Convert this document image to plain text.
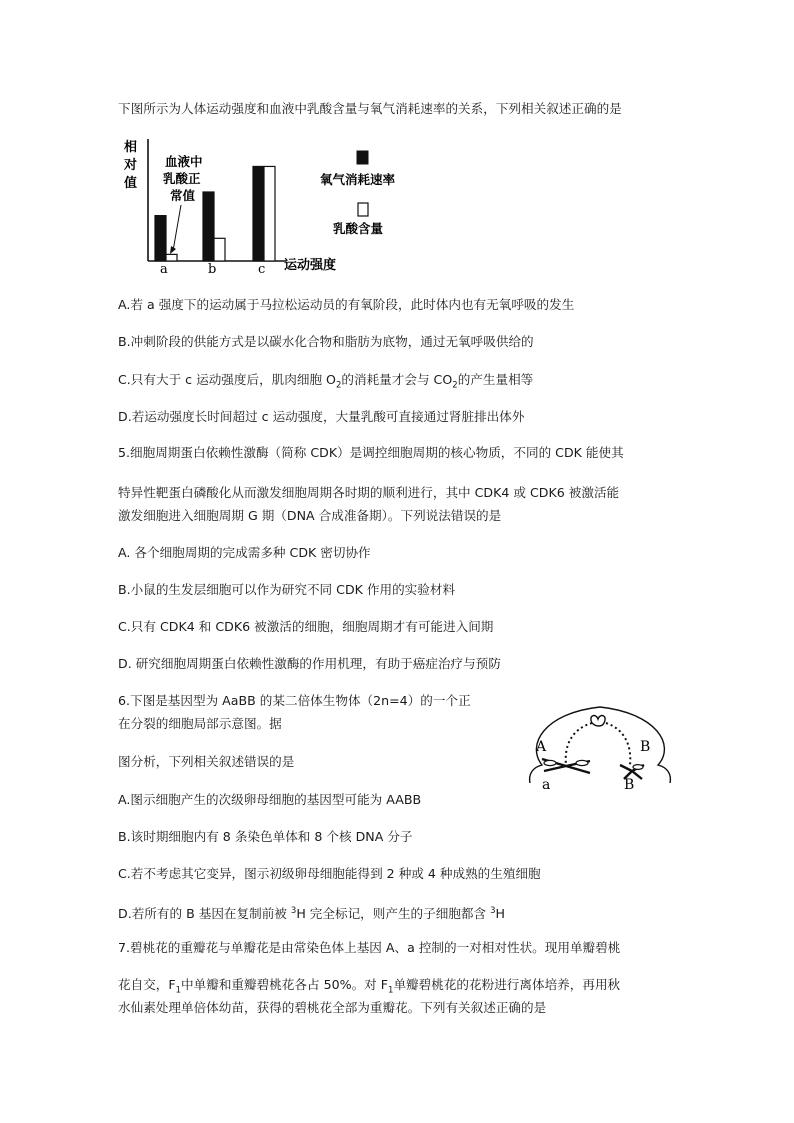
下图所示为人体运动强度和血液中乳酸含量与氧气消耗速率的关系，下列相关叙述正确的是
相
对
值
血液中
乳酸正
常值
a	b	c 运动强度
氧气消耗速率
乳酸含量
A.若 a 强度下的运动属于马拉松运动员的有氧阶段，此时体内也有无氧呼吸的发生
B.冲刺阶段的供能方式是以碳水化合物和脂肪为底物，通过无氧呼吸供给的
C.只有大于 c 运动强度后，肌肉细胞 $O_2$的消耗量才会与 $CO_2$的产生量相等
D.若运动强度长时间超过 c 运动强度，大量乳酸可直接通过肾脏排出体外
5.细胞周期蛋白依赖性激酶（简称 CDK）是调控细胞周期的核心物质，不同的 CDK 能使其
特异性靶蛋白磷酸化从而激发细胞周期各时期的顺利进行，其中 CDK4 或 CDK6 被激活能
激发细胞进入细胞周期 G 期（DNA 合成准备期）。下列说法错误的是
A. 各个细胞周期的完成需多种 CDK 密切协作
B.小鼠的生发层细胞可以作为研究不同 CDK 作用的实验材料
C.只有 CDK4 和 CDK6 被激活的细胞，细胞周期才有可能进入间期
D. 研究细胞周期蛋白依赖性激酶的作用机理，有助于癌症治疗与预防
6.下图是基因型为 AaBB 的某二倍体生物体（2n=4）的一个正
在分裂的细胞局部示意图。据
图分析，下列相关叙述错误的是
A	B
a	B
A.图示细胞产生的次级卵母细胞的基因型可能为 AABB
B.该时期细胞内有 8 条染色单体和 8 个核 DNA 分子
C.若不考虑其它变异，图示初级卵母细胞能得到 2 种或 4 种成熟的生殖细胞
D.若所有的 B 基因在复制前被 $^3$H 完全标记，则产生的子细胞都含 $^3$H
7.碧桃花的重瓣花与单瓣花是由常染色体上基因 A、a 控制的一对相对性状。现用单瓣碧桃
花自交，$F_1$中单瓣和重瓣碧桃花各占 50%。对 $F_1$单瓣碧桃花的花粉进行离体培养，再用秋
水仙素处理单倍体幼苗，获得的碧桃花全部为重瓣花。下列有关叙述正确的是
